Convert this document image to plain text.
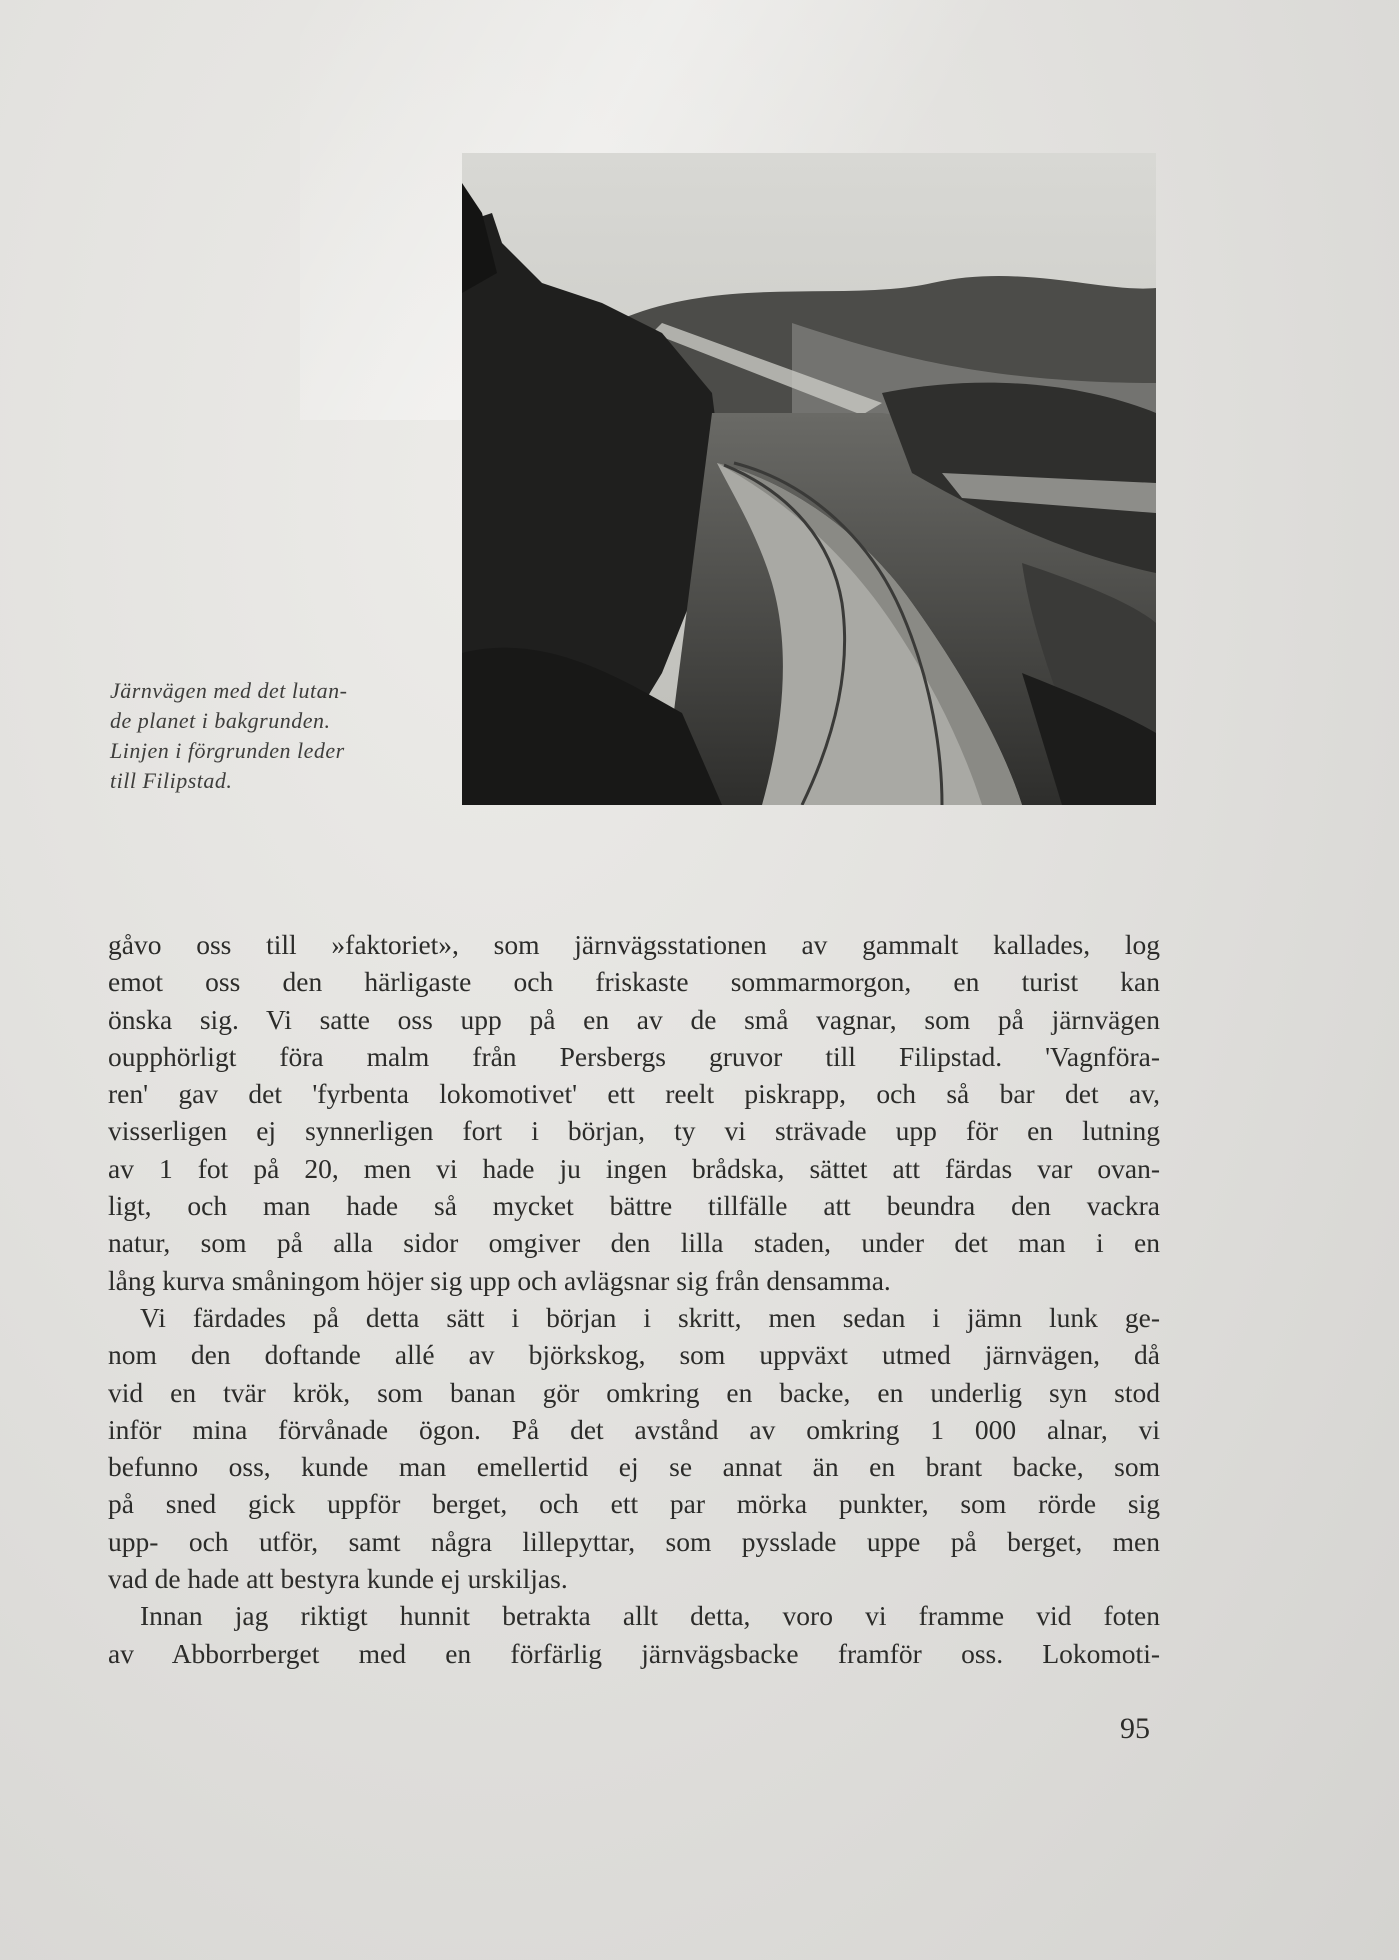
Järnvägen med det lutan-
de planet i bakgrunden.
Linjen i förgrunden leder
till Filipstad.
gåvo oss till »faktoriet», som järnvägsstationen av gammalt kallades, log
emot oss den härligaste och friskaste sommarmorgon, en turist kan
önska sig. Vi satte oss upp på en av de små vagnar, som på järnvägen
oupphörligt föra malm från Persbergs gruvor till Filipstad. 'Vagnföra-
ren' gav det 'fyrbenta lokomotivet' ett reelt piskrapp, och så bar det av,
visserligen ej synnerligen fort i början, ty vi strävade upp för en lutning
av 1 fot på 20, men vi hade ju ingen brådska, sättet att färdas var ovan-
ligt, och man hade så mycket bättre tillfälle att beundra den vackra
natur, som på alla sidor omgiver den lilla staden, under det man i en
lång kurva småningom höjer sig upp och avlägsnar sig från densamma.
Vi färdades på detta sätt i början i skritt, men sedan i jämn lunk ge-
nom den doftande allé av björkskog, som uppväxt utmed järnvägen, då
vid en tvär krök, som banan gör omkring en backe, en underlig syn stod
inför mina förvånade ögon. På det avstånd av omkring 1 000 alnar, vi
befunno oss, kunde man emellertid ej se annat än en brant backe, som
på sned gick uppför berget, och ett par mörka punkter, som rörde sig
upp- och utför, samt några lillepyttar, som pysslade uppe på berget, men
vad de hade att bestyra kunde ej urskiljas.
Innan jag riktigt hunnit betrakta allt detta, voro vi framme vid foten
av Abborrberget med en förfärlig järnvägsbacke framför oss. Lokomoti-
95
